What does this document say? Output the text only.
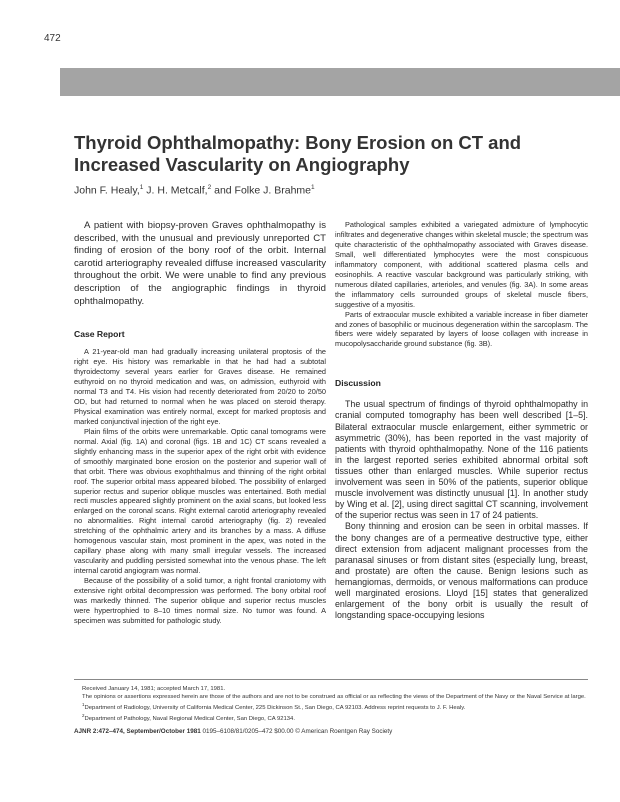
472
Thyroid Ophthalmopathy: Bony Erosion on CT and Increased Vascularity on Angiography
John F. Healy,$^1$ J. H. Metcalf,$^2$ and Folke J. Brahme$^1$

A patient with biopsy-proven Graves ophthalmopathy is described, with the unusual and previously unreported CT finding of erosion of the bony roof of the orbit. Internal carotid arteriography revealed diffuse increased vascularity throughout the orbit. We were unable to find any previous description of the angiographic findings in thyroid ophthalmopathy.

Case Report

A 21-year-old man had gradually increasing unilateral proptosis of the right eye. His history was remarkable in that he had had a subtotal thyroidectomy several years earlier for Graves disease. He remained euthyroid on no thyroid medication and was, on admission, euthyroid with normal T3 and T4. His vision had recently deteriorated from 20/20 to 20/50 OD, but had returned to normal when he was placed on steroid therapy. Physical examination was entirely normal, except for marked proptosis and marked conjunctival injection of the right eye.

Plain films of the orbits were unremarkable. Optic canal tomograms were normal. Axial (fig. 1A) and coronal (figs. 1B and 1C) CT scans revealed a slightly enhancing mass in the superior apex of the right orbit with evidence of smoothly marginated bone erosion on the posterior and superior wall of that orbit. There was obvious exophthalmus and thinning of the right orbital roof. The superior orbital mass appeared bilobed. The possibility of enlarged superior rectus and superior oblique muscles was entertained. Both medial recti muscles appeared slightly prominent on the axial scans, but looked less enlarged on the coronal scans. Right external carotid arteriography revealed no abnormalities. Right internal carotid arteriography (fig. 2) revealed stretching of the ophthalmic artery and its branches by a mass. A diffuse homogenous vascular stain, most prominent in the apex, was noted in the capillary phase along with many small irregular vessels. The increased vascularity and puddling persisted somewhat into the venous phase. The left internal carotid angiogram was normal.

Because of the possibility of a solid tumor, a right frontal craniotomy with extensive right orbital decompression was performed. The bony orbital roof was markedly thinned. The superior oblique and superior rectus muscles were hypertrophied to 8–10 times normal size. No tumor was found. A specimen was submitted for pathologic study.

Pathological samples exhibited a variegated admixture of lymphocytic infiltrates and degenerative changes within skeletal muscle; the spectrum was quite characteristic of the ophthalmopathy associated with Graves disease. Small, well differentiated lymphocytes were the most conspicuous inflammatory component, with additional scattered plasma cells and eosinophils. A reactive vascular background was particularly striking, with numerous dilated capillaries, arterioles, and venules (fig. 3A). In some areas the inflammatory cells surrounded groups of skeletal muscle fibers, suggestive of a myositis.

Parts of extraocular muscle exhibited a variable increase in fiber diameter and zones of basophilic or mucinous degeneration within the sarcoplasm. The fibers were widely separated by layers of loose collagen with increase in mucopolysaccharide ground substance (fig. 3B).

Discussion

The usual spectrum of findings of thyroid ophthalmopathy in cranial computed tomography has been well described [1–5]. Bilateral extraocular muscle enlargement, either symmetric or asymmetric (30%), has been reported in the vast majority of patients with thyroid ophthalmopathy. None of the 116 patients in the largest reported series exhibited abnormal orbital soft tissues other than enlarged muscles. While superior rectus involvement was seen in 50% of the patients, superior oblique muscle involvement was distinctly unusual [1]. In another study by Wing et al. [2], using direct sagittal CT scanning, involvement of the superior rectus was seen in 17 of 24 patients.

Bony thinning and erosion can be seen in orbital masses. If the bony changes are of a permeative destructive type, either direct extension from adjacent malignant processes from the paranasal sinuses or from distant sites (especially lung, breast, and prostate) are often the cause. Benign lesions such as hemangiomas, dermoids, or venous malformations can produce well marginated erosions. Lloyd [15] states that generalized enlargement of the bony orbit is usually the result of longstanding space-occupying lesions

Received January 14, 1981; accepted March 17, 1981.

The opinions or assertions expressed herein are those of the authors and are not to be construed as official or as reflecting the views of the Department of the Navy or the Naval Service at large.

$^1$Department of Radiology, University of California Medical Center, 225 Dickinson St., San Diego, CA 92103. Address reprint requests to J. F. Healy.

$^2$Department of Pathology, Naval Regional Medical Center, San Diego, CA 92134.

AJNR 2:472–474, September/October 1981 0195–6108/81/0205–472 $00.00 © American Roentgen Ray Society
